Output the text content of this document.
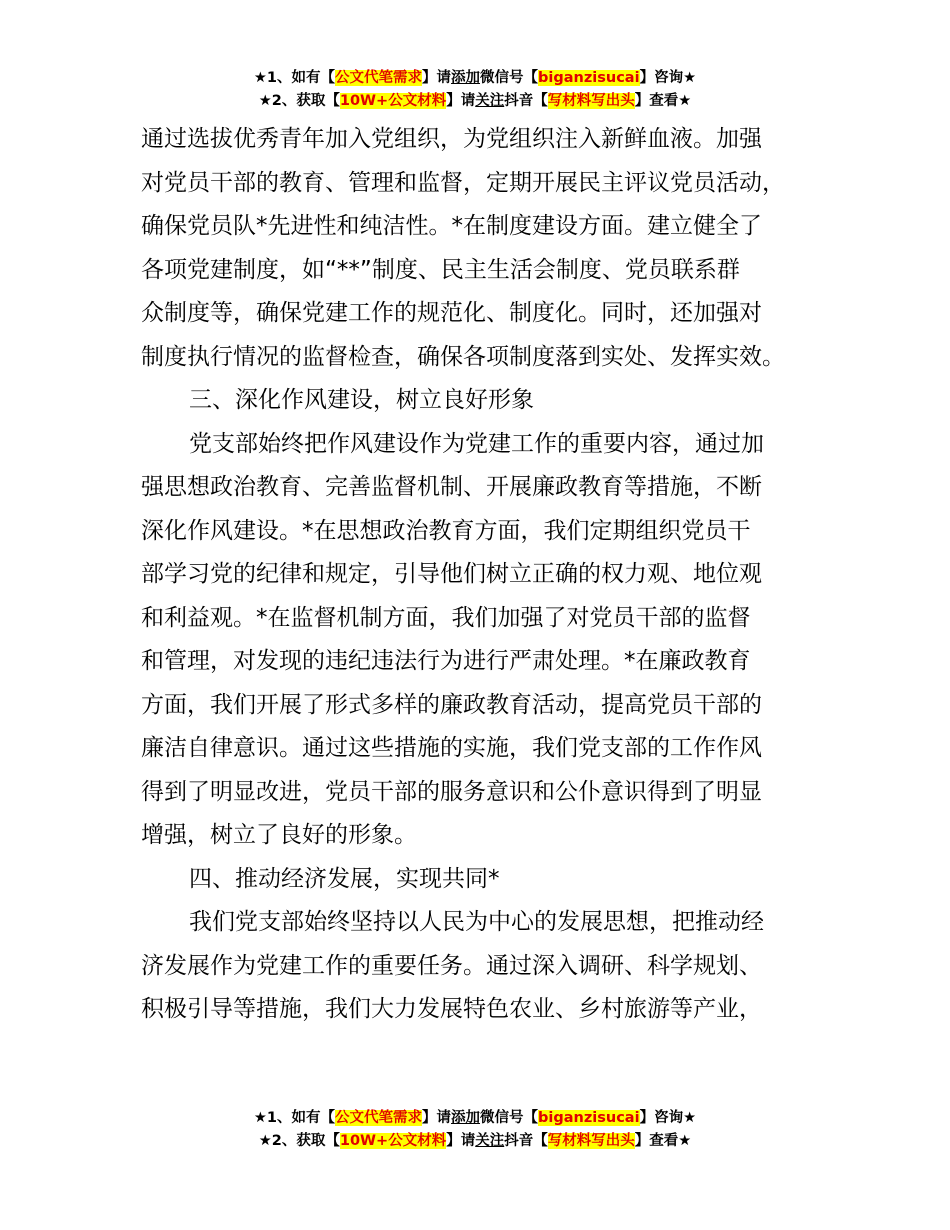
★1、如有【公文代笔需求】请添加微信号【biganzisucai】咨询★
★2、获取【10W+公文材料】请关注抖音【写材料写出头】查看★
通过选拔优秀青年加入党组织，为党组织注入新鲜血液。加强
对党员干部的教育、管理和监督，定期开展民主评议党员活动，
确保党员队*先进性和纯洁性。*在制度建设方面。建立健全了
各项党建制度，如“**”制度、民主生活会制度、党员联系群
众制度等，确保党建工作的规范化、制度化。同时，还加强对
制度执行情况的监督检查，确保各项制度落到实处、发挥实效。
三、深化作风建设，树立良好形象
党支部始终把作风建设作为党建工作的重要内容，通过加
强思想政治教育、完善监督机制、开展廉政教育等措施，不断
深化作风建设。*在思想政治教育方面，我们定期组织党员干
部学习党的纪律和规定，引导他们树立正确的权力观、地位观
和利益观。*在监督机制方面，我们加强了对党员干部的监督
和管理，对发现的违纪违法行为进行严肃处理。*在廉政教育
方面，我们开展了形式多样的廉政教育活动，提高党员干部的
廉洁自律意识。通过这些措施的实施，我们党支部的工作作风
得到了明显改进，党员干部的服务意识和公仆意识得到了明显
增强，树立了良好的形象。
四、推动经济发展，实现共同*
我们党支部始终坚持以人民为中心的发展思想，把推动经
济发展作为党建工作的重要任务。通过深入调研、科学规划、
积极引导等措施，我们大力发展特色农业、乡村旅游等产业，
★1、如有【公文代笔需求】请添加微信号【biganzisucai】咨询★
★2、获取【10W+公文材料】请关注抖音【写材料写出头】查看★
